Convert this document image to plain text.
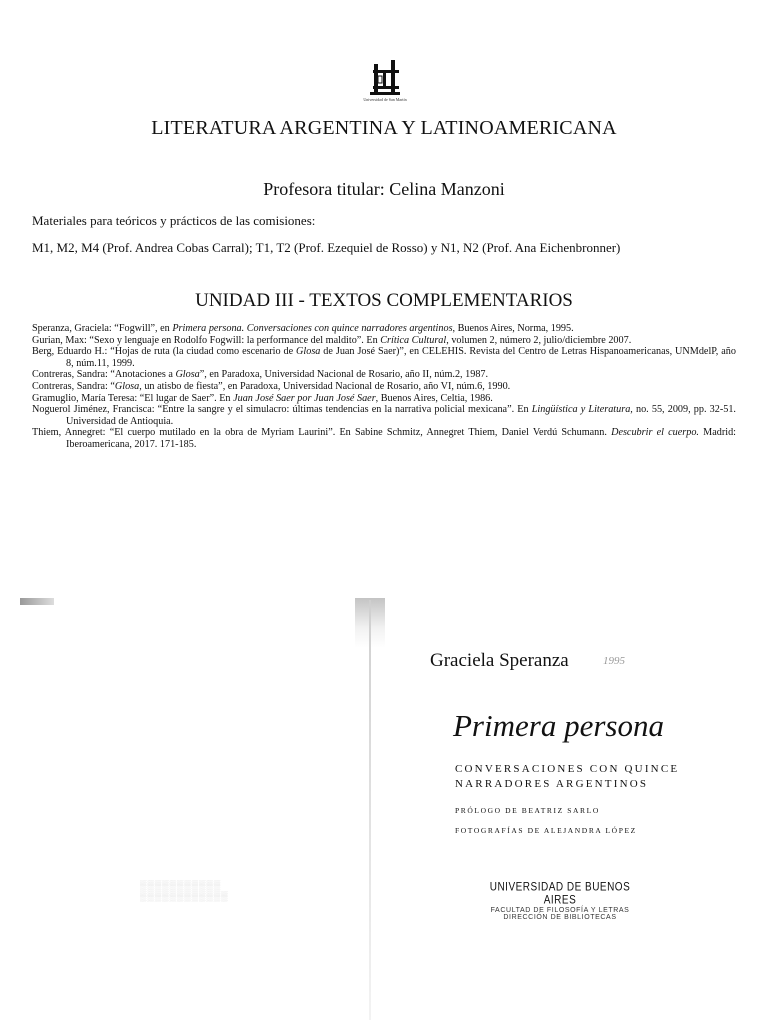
Universidad de San Martín
LITERATURA ARGENTINA Y LATINOAMERICANA
Profesora titular: Celina Manzoni
Materiales para teóricos y prácticos de las comisiones:
M1, M2, M4 (Prof. Andrea Cobas Carral); T1, T2 (Prof. Ezequiel de Rosso) y N1, N2 (Prof. Ana Eichenbronner)
UNIDAD III - TEXTOS COMPLEMENTARIOS
Speranza, Graciela: “Fogwill”, en Primera persona. Conversaciones con quince narradores argentinos, Buenos Aires, Norma, 1995.
Gurian, Max: “Sexo y lenguaje en Rodolfo Fogwill: la performance del maldito”. En Crítica Cultural, volumen 2, número 2, julio/diciembre 2007.
Berg, Eduardo H.: “Hojas de ruta (la ciudad como escenario de Glosa de Juan José Saer)”, en CELEHIS. Revista del Centro de Letras Hispanoamericanas, UNMdelP, año 8, núm.11, 1999.
Contreras, Sandra: “Anotaciones a Glosa”, en Paradoxa, Universidad Nacional de Rosario, año II, núm.2, 1987.
Contreras, Sandra: “Glosa, un atisbo de fiesta”, en Paradoxa, Universidad Nacional de Rosario, año VI, núm.6, 1990.
Gramuglio, María Teresa: “El lugar de Saer”. En Juan José Saer por Juan José Saer, Buenos Aires, Celtia, 1986.
Noguerol Jiménez, Francisca: “Entre la sangre y el simulacro: últimas tendencias en la narrativa policial mexicana”. En Lingüística y Literatura, no. 55, 2009, pp. 32-51. Universidad de Antioquia.
Thiem, Annegret: “El cuerpo mutilado en la obra de Myriam Laurini”. En Sabine Schmitz, Annegret Thiem, Daniel Verdú Schumann. Descubrir el cuerpo. Madrid: Iberoamericana, 2017. 171-185.
Graciela Speranza	1995
Primera persona
CONVERSACIONES CON QUINCE
NARRADORES ARGENTINOS
PRÓLOGO DE BEATRIZ SARLO
FOTOGRAFÍAS DE ALEJANDRA LÓPEZ
▒▒▒▒▒▒▒▒▒▒▒
▒▒▒▒▒▒▒▒▒▒▒▒
UNIVERSIDAD DE BUENOS AIRES
FACULTAD DE FILOSOFÍA Y LETRAS
DIRECCIÓN DE BIBLIOTECAS
